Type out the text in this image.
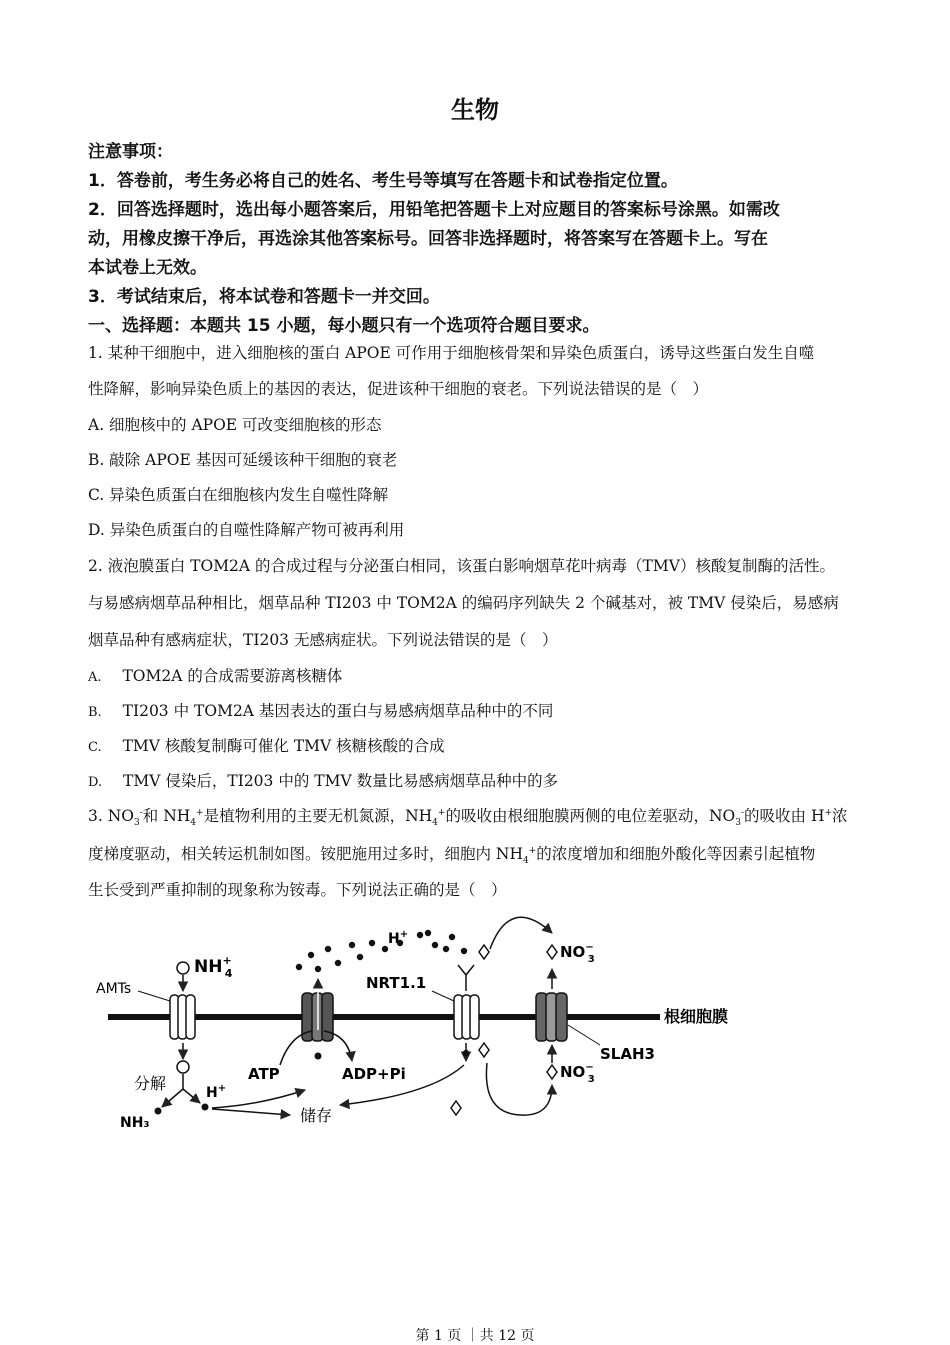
生物
注意事项：
1．答卷前，考生务必将自己的姓名、考生号等填写在答题卡和试卷指定位置。
2．回答选择题时，选出每小题答案后，用铅笔把答题卡上对应题目的答案标号涂黑。如需改
动，用橡皮擦干净后，再选涂其他答案标号。回答非选择题时，将答案写在答题卡上。写在
本试卷上无效。
3．考试结束后，将本试卷和答题卡一并交回。
一、选择题：本题共 15 小题，每小题只有一个选项符合题目要求。
1. 某种干细胞中，进入细胞核的蛋白 APOE 可作用于细胞核骨架和异染色质蛋白，诱导这些蛋白发生自噬
性降解，影响异染色质上的基因的表达，促进该种干细胞的衰老。下列说法错误的是（　）
A. 细胞核中的 APOE 可改变细胞核的形态
B. 敲除 APOE 基因可延缓该种干细胞的衰老
C. 异染色质蛋白在细胞核内发生自噬性降解
D. 异染色质蛋白的自噬性降解产物可被再利用
2. 液泡膜蛋白 TOM2A 的合成过程与分泌蛋白相同，该蛋白影响烟草花叶病毒（TMV）核酸复制酶的活性。
与易感病烟草品种相比，烟草品种 TI203 中 TOM2A 的编码序列缺失 2 个碱基对，被 TMV 侵染后，易感病
烟草品种有感病症状，TI203 无感病症状。下列说法错误的是（　）
A. TOM2A 的合成需要游离核糖体
B. TI203 中 TOM2A 基因表达的蛋白与易感病烟草品种中的不同
C. TMV 核酸复制酶可催化 TMV 核糖核酸的合成
D. TMV 侵染后，TI203 中的 TMV 数量比易感病烟草品种中的多
3. $NO_3^-$和 $NH_4^+$是植物利用的主要无机氮源，$NH_4^+$的吸收由根细胞膜两侧的电位差驱动，$NO_3^-$的吸收由 H+浓
度梯度驱动，相关转运机制如图。铵肥施用过多时，细胞内 $NH_4^+$的浓度增加和细胞外酸化等因素引起植物
生长受到严重抑制的现象称为铵毒。下列说法正确的是（　）
根细胞膜
AMTs
NH+ 4
分解
NH₃
H+
储存
ATP	ADP+Pi
H+
NRT1.1
NO− 3
SLAH3
NO− 3
第 1 页 ｜共 12 页
